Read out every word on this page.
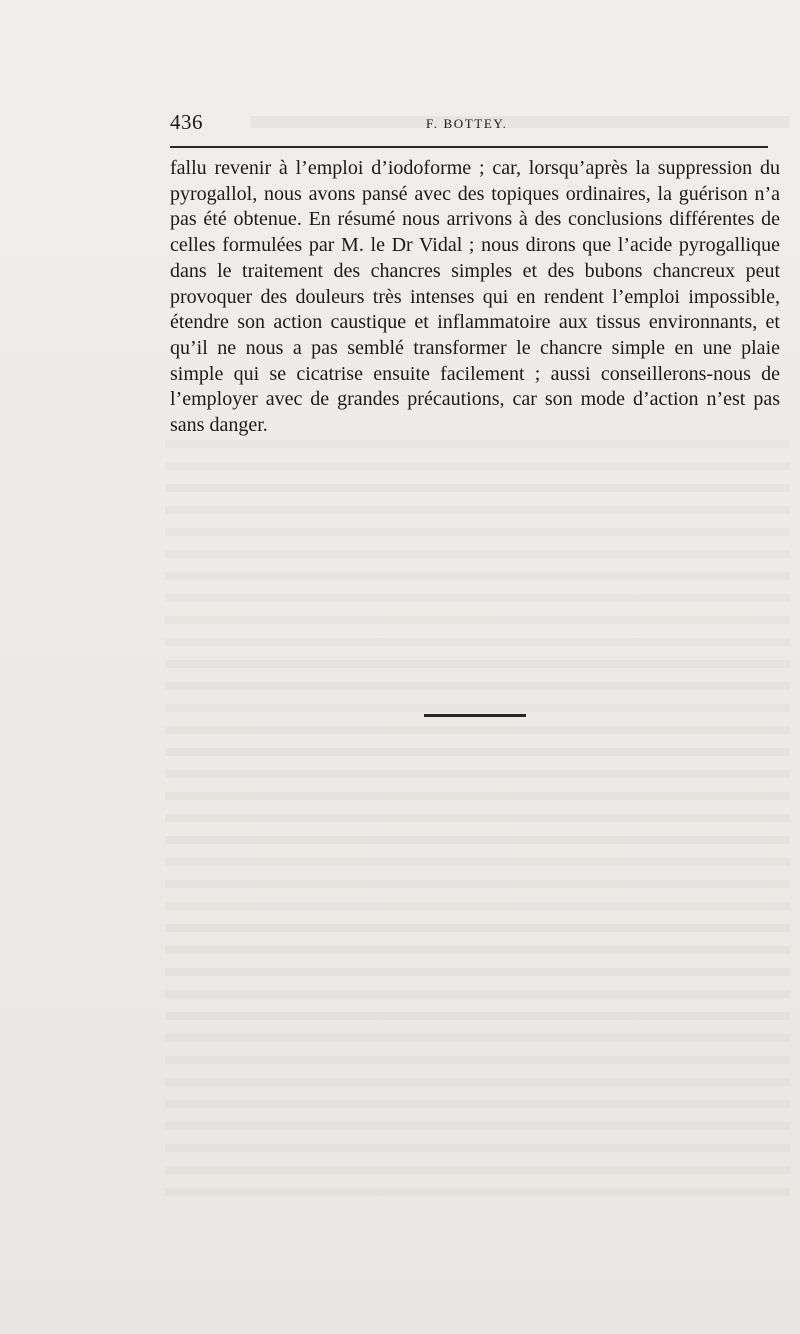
436	F. BOTTEY.

fallu revenir à l’emploi d’iodoforme ; car, lorsqu’après la suppression du pyrogallol, nous avons pansé avec des topiques ordinaires, la guérison n’a pas été obtenue. En résumé nous arrivons à des conclusions différentes de celles formulées par M. le Dr Vidal ; nous dirons que l’acide pyrogallique dans le traitement des chancres simples et des bubons chancreux peut provoquer des douleurs très intenses qui en rendent l’emploi impossible, étendre son action caustique et inflammatoire aux tissus environnants, et qu’il ne nous a pas semblé transformer le chancre simple en une plaie simple qui se cicatrise ensuite facilement ; aussi conseillerons-nous de l’employer avec de grandes précautions, car son mode d’action n’est pas sans danger.
